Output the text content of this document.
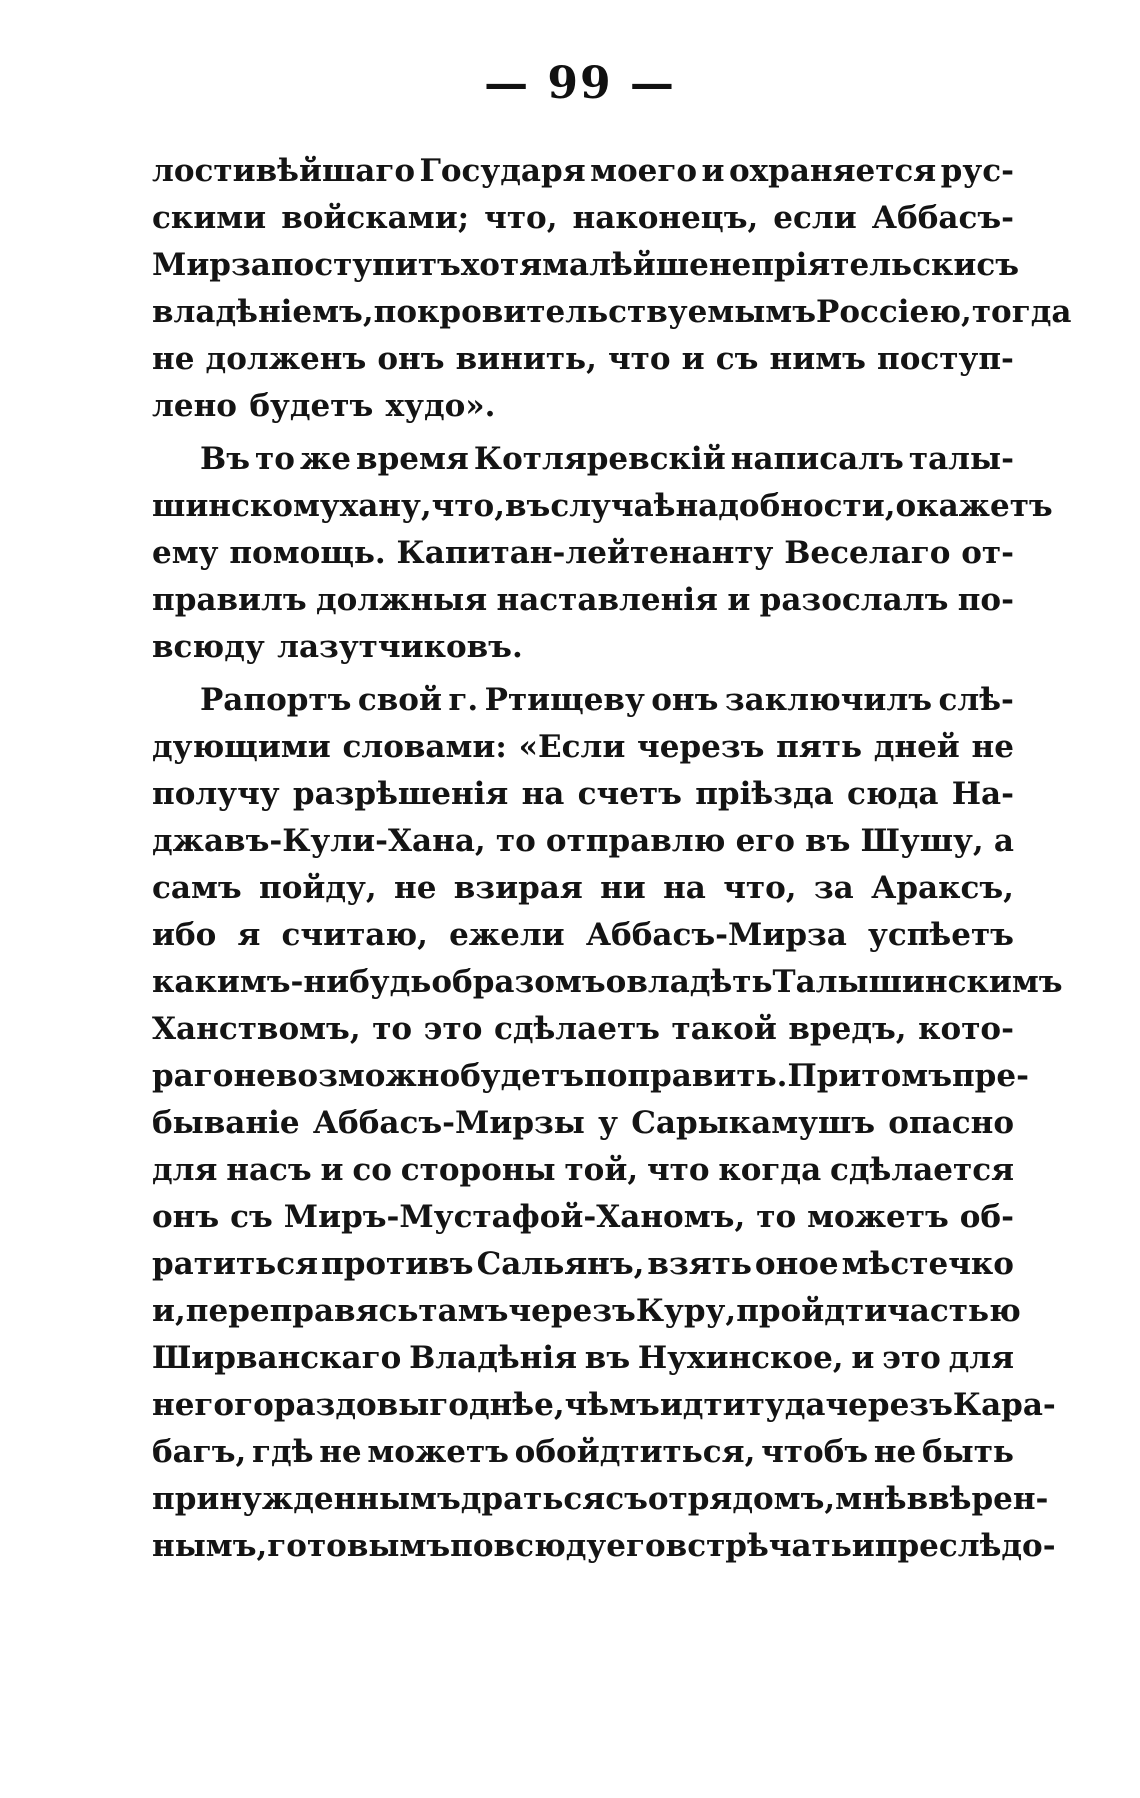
— 99 —
лостивѣйшаго Государя моего и охраняется рус-
скими войсками; что, наконецъ, если Аббасъ-
Мирза поступитъ хотя малѣйше непріятельски съ
владѣніемъ, покровительствуемымъ Россіею, тогда
не долженъ онъ винить, что и съ нимъ поступ-
лено будетъ худо».
Въ то же время Котляревскій написалъ талы-
шинскому хану, что, въ случаѣ надобности, окажетъ
ему помощь. Капитан-лейтенанту Веселаго от-
правилъ должныя наставленія и разослалъ по-
всюду лазутчиковъ.
Рапортъ свой г. Ртищеву онъ заключилъ слѣ-
дующими словами: «Если черезъ пять дней не
получу разрѣшенія на счетъ пріѣзда сюда На-
джавъ-Кули-Хана, то отправлю его въ Шушу, а
самъ пойду, не взирая ни на что, за Араксъ,
ибо я считаю, ежели Аббасъ-Мирза успѣетъ
какимъ-нибудь образомъ овладѣть Талышинскимъ
Ханствомъ, то это сдѣлаетъ такой вредъ, кото-
раго невозможно будетъ поправить. Притомъ пре-
бываніе Аббасъ-Мирзы у Сарыкамушъ опасно
для насъ и со стороны той, что когда сдѣлается
онъ съ Миръ-Мустафой-Ханомъ, то можетъ об-
ратиться противъ Сальянъ, взять оное мѣстечко
и, переправясь тамъ черезъ Куру, пройдти частью
Ширванскаго Владѣнія въ Нухинское, и это для
него гораздо выгоднѣе, чѣмъ идти туда черезъ Кара-
багъ, гдѣ не можетъ обойдтиться, чтобъ не быть
принужденнымъ драться съ отрядомъ, мнѣ ввѣрен-
нымъ, готовымъ повсюду его встрѣчать и преслѣдо-
